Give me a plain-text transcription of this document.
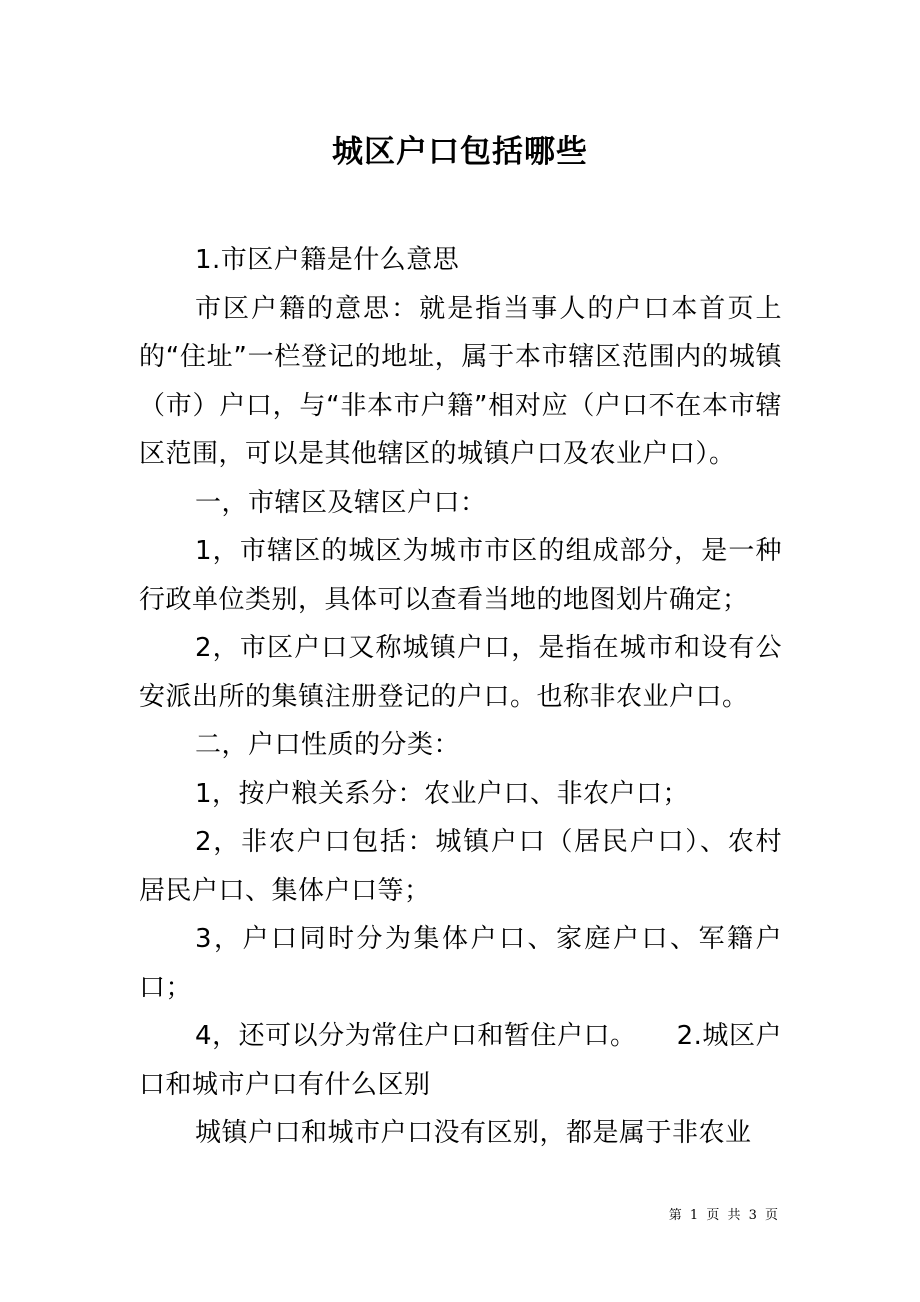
城区户口包括哪些

1.市区户籍是什么意思

市区户籍的意思：就是指当事人的户口本首页上的“住址”一栏登记的地址，属于本市辖区范围内的城镇（市）户口，与“非本市户籍”相对应（户口不在本市辖区范围，可以是其他辖区的城镇户口及农业户口）。

一，市辖区及辖区户口：

1，市辖区的城区为城市市区的组成部分，是一种行政单位类别，具体可以查看当地的地图划片确定；

2，市区户口又称城镇户口，是指在城市和设有公安派出所的集镇注册登记的户口。也称非农业户口。

二，户口性质的分类：

1，按户粮关系分：农业户口、非农户口；

2，非农户口包括：城镇户口（居民户口）、农村居民户口、集体户口等；

3，户口同时分为集体户口、家庭户口、军籍户口；

4，还可以分为常住户口和暂住户口。　　2.城区户口和城市户口有什么区别

城镇户口和城市户口没有区别，都是属于非农业

第 1 页 共 3 页
